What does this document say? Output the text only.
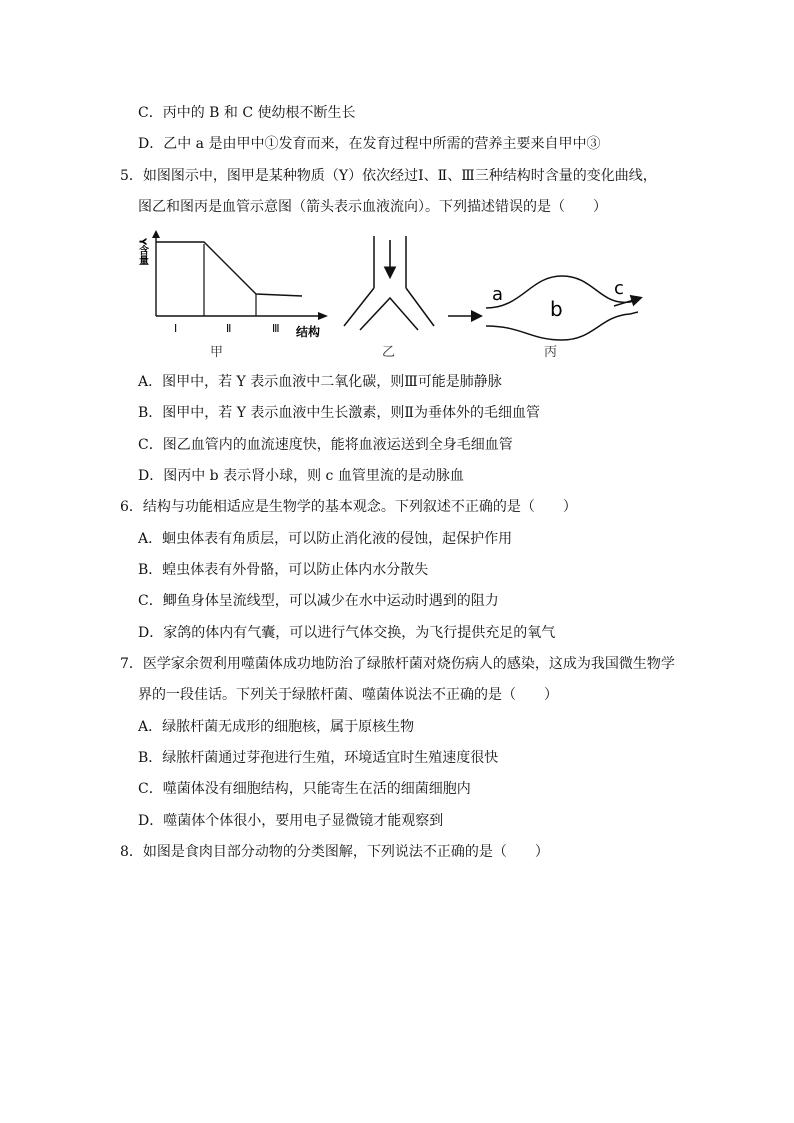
C．丙中的 B 和 C 使幼根不断生长
D．乙中 a 是由甲中①发育而来，在发育过程中所需的营养主要来自甲中③
5．如图图示中，图甲是某种物质（Y）依次经过Ⅰ、Ⅱ、Ⅲ三种结构时含量的变化曲线，
图乙和图丙是血管示意图（箭头表示血液流向）。下列描述错误的是（　　）
Y含量
Ⅰ	Ⅱ	Ⅲ 结构
甲	乙
a
b
c
丙
A．图甲中，若 Y 表示血液中二氧化碳，则Ⅲ可能是肺静脉
B．图甲中，若 Y 表示血液中生长激素，则Ⅱ为垂体外的毛细血管
C．图乙血管内的血流速度快，能将血液运送到全身毛细血管
D．图丙中 b 表示肾小球，则 c 血管里流的是动脉血
6．结构与功能相适应是生物学的基本观念。下列叙述不正确的是（　　）
A．蛔虫体表有角质层，可以防止消化液的侵蚀，起保护作用
B．蝗虫体表有外骨骼，可以防止体内水分散失
C．鲫鱼身体呈流线型，可以减少在水中运动时遇到的阻力
D．家鸽的体内有气囊，可以进行气体交换，为飞行提供充足的氧气
7．医学家余贺利用噬菌体成功地防治了绿脓杆菌对烧伤病人的感染，这成为我国微生物学
界的一段佳话。下列关于绿脓杆菌、噬菌体说法不正确的是（　　）
A．绿脓杆菌无成形的细胞核，属于原核生物
B．绿脓杆菌通过芽孢进行生殖，环境适宜时生殖速度很快
C．噬菌体没有细胞结构，只能寄生在活的细菌细胞内
D．噬菌体个体很小，要用电子显微镜才能观察到
8．如图是食肉目部分动物的分类图解，下列说法不正确的是（　　）
